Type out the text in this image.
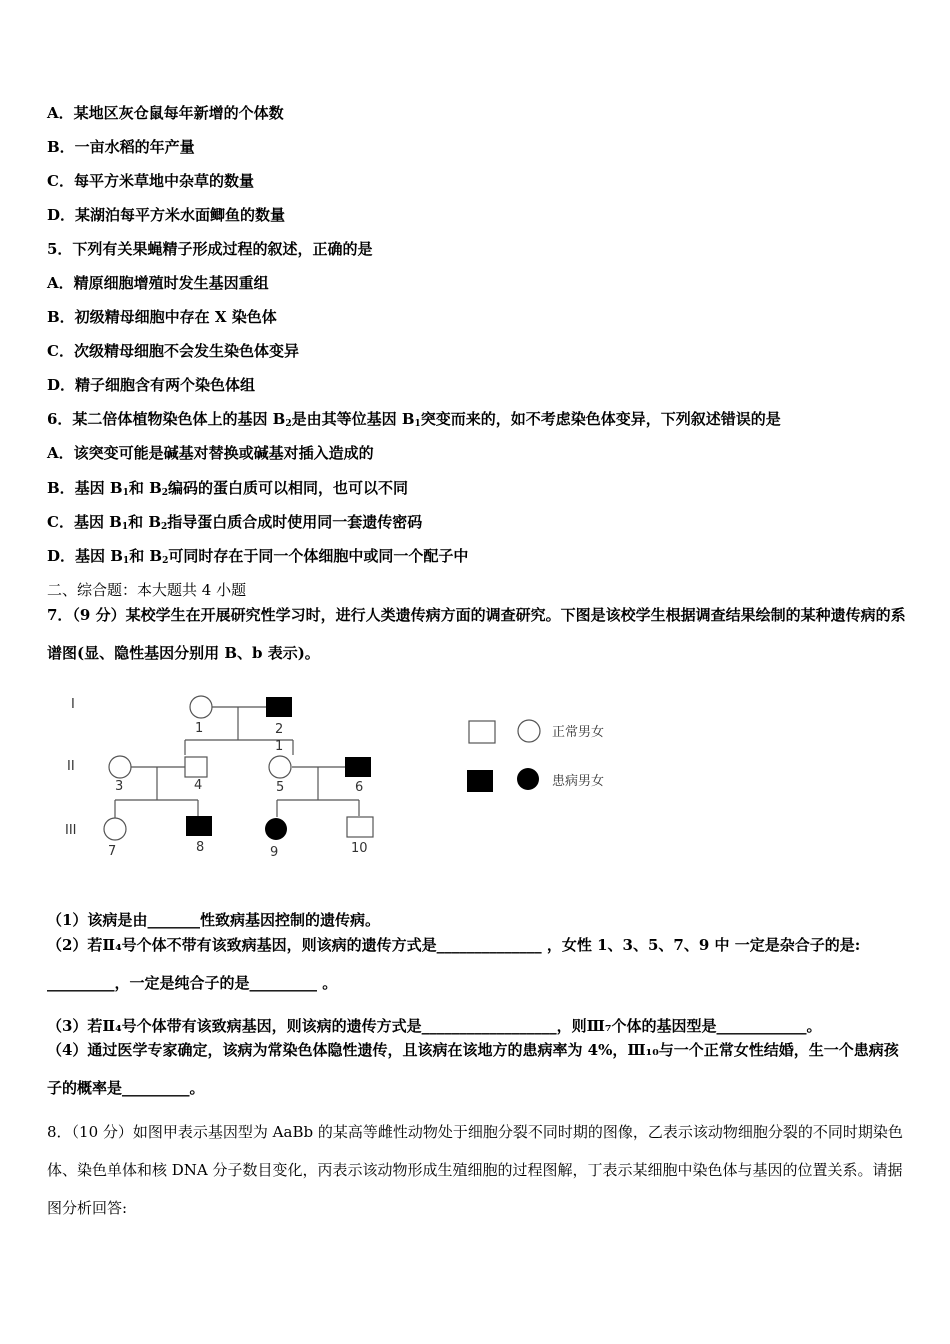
A．某地区灰仓鼠每年新增的个体数
B．一亩水稻的年产量
C．每平方米草地中杂草的数量
D．某湖泊每平方米水面鲫鱼的数量
5．下列有关果蝇精子形成过程的叙述，正确的是
A．精原细胞增殖时发生基因重组
B．初级精母细胞中存在 X 染色体
C．次级精母细胞不会发生染色体变异
D．精子细胞含有两个染色体组
6．某二倍体植物染色体上的基因 $B_2$是由其等位基因 $B_1$突变而来的，如不考虑染色体变异，下列叙述错误的是
A．该突变可能是碱基对替换或碱基对插入造成的
B．基因 $B_1$和 $B_2$编码的蛋白质可以相同，也可以不同
C．基因 $B_1$和 $B_2$指导蛋白质合成时使用同一套遗传密码
D．基因 $B_1$和 $B_2$可同时存在于同一个体细胞中或同一个配子中
二、综合题：本大题共 4 小题
7．（9 分）某校学生在开展研究性学习时，进行人类遗传病方面的调查研究。下图是该校学生根据调查结果绘制的某种遗传病的系谱图(显、隐性基因分别用 B、b 表示)。
I
II
III
1	2
1
3	4	5	6
7	8	9	10
正常男女
患病男女
（1）该病是由_______性致病基因控制的遗传病。
（2）若Ⅱ₄号个体不带有该致病基因，则该病的遗传方式是______________ ，女性 1、3、5、7、9 中 一定是杂合子的是: _________，一定是纯合子的是_________ 。
（3）若Ⅱ₄号个体带有该致病基因，则该病的遗传方式是__________________，则Ⅲ₇个体的基因型是____________。
（4）通过医学专家确定，该病为常染色体隐性遗传，且该病在该地方的患病率为 4%，Ⅲ₁₀与一个正常女性结婚，生一个患病孩子的概率是_________。
8．（10 分）如图甲表示基因型为 AaBb 的某高等雌性动物处于细胞分裂不同时期的图像，乙表示该动物细胞分裂的不同时期染色体、染色单体和核 DNA 分子数目变化，丙表示该动物形成生殖细胞的过程图解，丁表示某细胞中染色体与基因的位置关系。请据图分析回答:
